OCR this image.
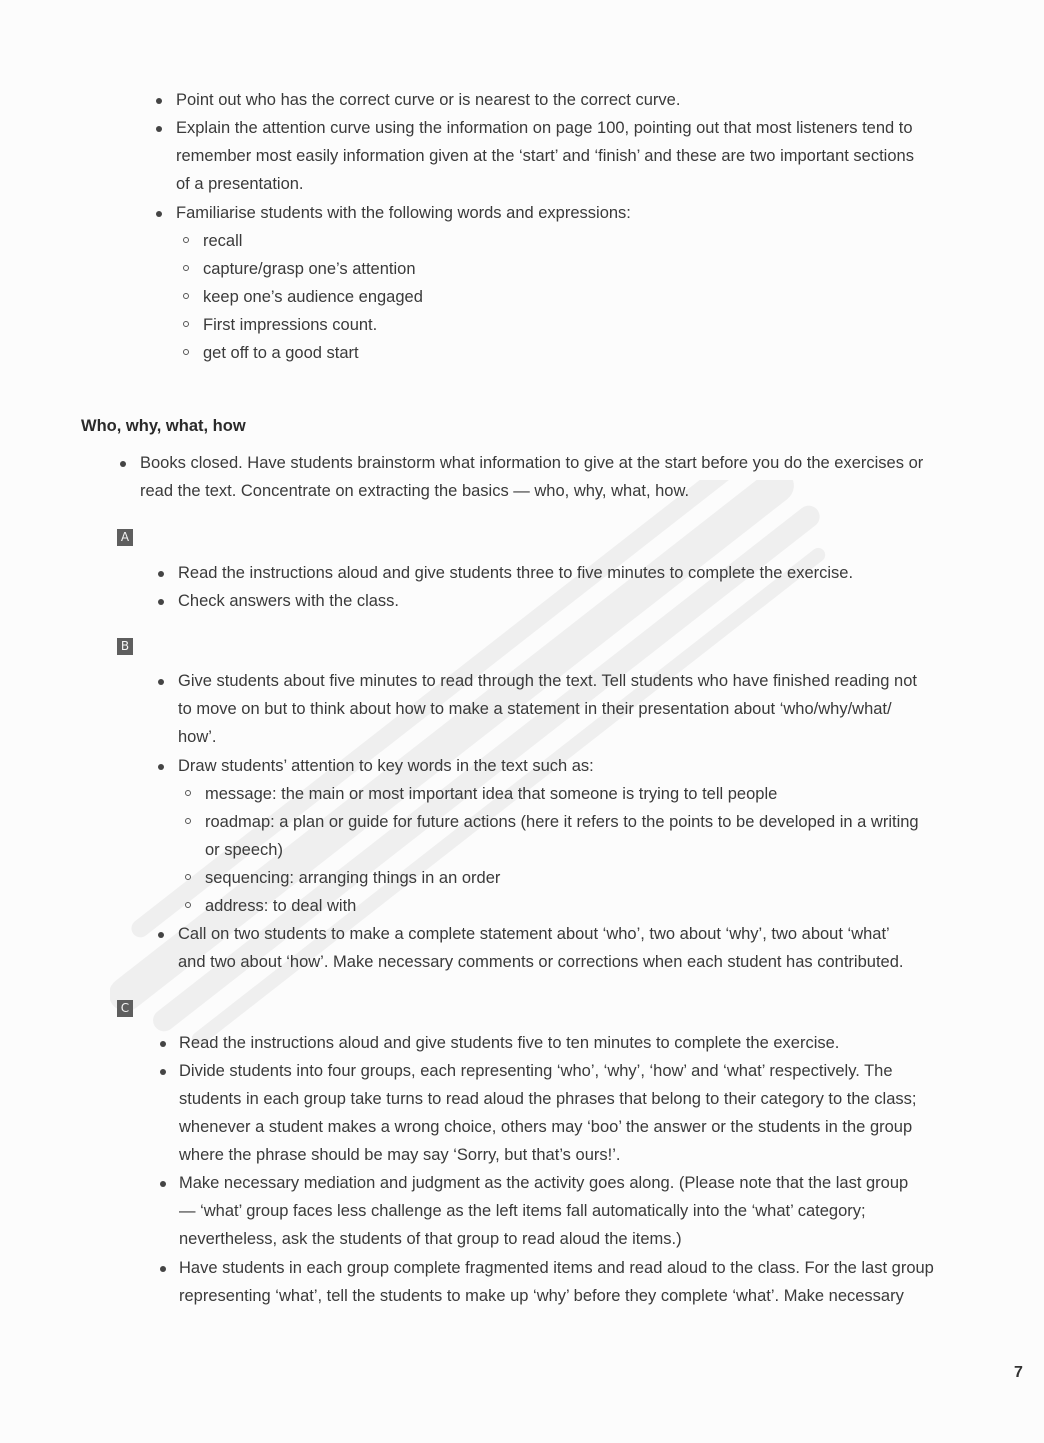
Point out who has the correct curve or is nearest to the correct curve.
Explain the attention curve using the information on page 100, pointing out that most listeners tend to
remember most easily information given at the ‘start’ and ‘finish’ and these are two important sections
of a presentation.
Familiarise students with the following words and expressions:
recall
capture/grasp one’s attention
keep one’s audience engaged
First impressions count.
get off to a good start
Who, why, what, how
Books closed. Have students brainstorm what information to give at the start before you do the exercises or
read the text. Concentrate on extracting the basics — who, why, what, how.
A
Read the instructions aloud and give students three to five minutes to complete the exercise.
Check answers with the class.
B
Give students about five minutes to read through the text. Tell students who have finished reading not
to move on but to think about how to make a statement in their presentation about ‘who/why/what/
how’.
Draw students’ attention to key words in the text such as:
message: the main or most important idea that someone is trying to tell people
roadmap: a plan or guide for future actions (here it refers to the points to be developed in a writing
or speech)
sequencing: arranging things in an order
address: to deal with
Call on two students to make a complete statement about ‘who’, two about ‘why’, two about ‘what’
and two about ‘how’. Make necessary comments or corrections when each student has contributed.
C
Read the instructions aloud and give students five to ten minutes to complete the exercise.
Divide students into four groups, each representing ‘who’, ‘why’, ‘how’ and ‘what’ respectively. The
students in each group take turns to read aloud the phrases that belong to their category to the class;
whenever a student makes a wrong choice, others may ‘boo’ the answer or the students in the group
where the phrase should be may say ‘Sorry, but that’s ours!’.
Make necessary mediation and judgment as the activity goes along. (Please note that the last group
— ‘what’ group faces less challenge as the left items fall automatically into the ‘what’ category;
nevertheless, ask the students of that group to read aloud the items.)
Have students in each group complete fragmented items and read aloud to the class. For the last group
representing ‘what’, tell the students to make up ‘why’ before they complete ‘what’. Make necessary
7
